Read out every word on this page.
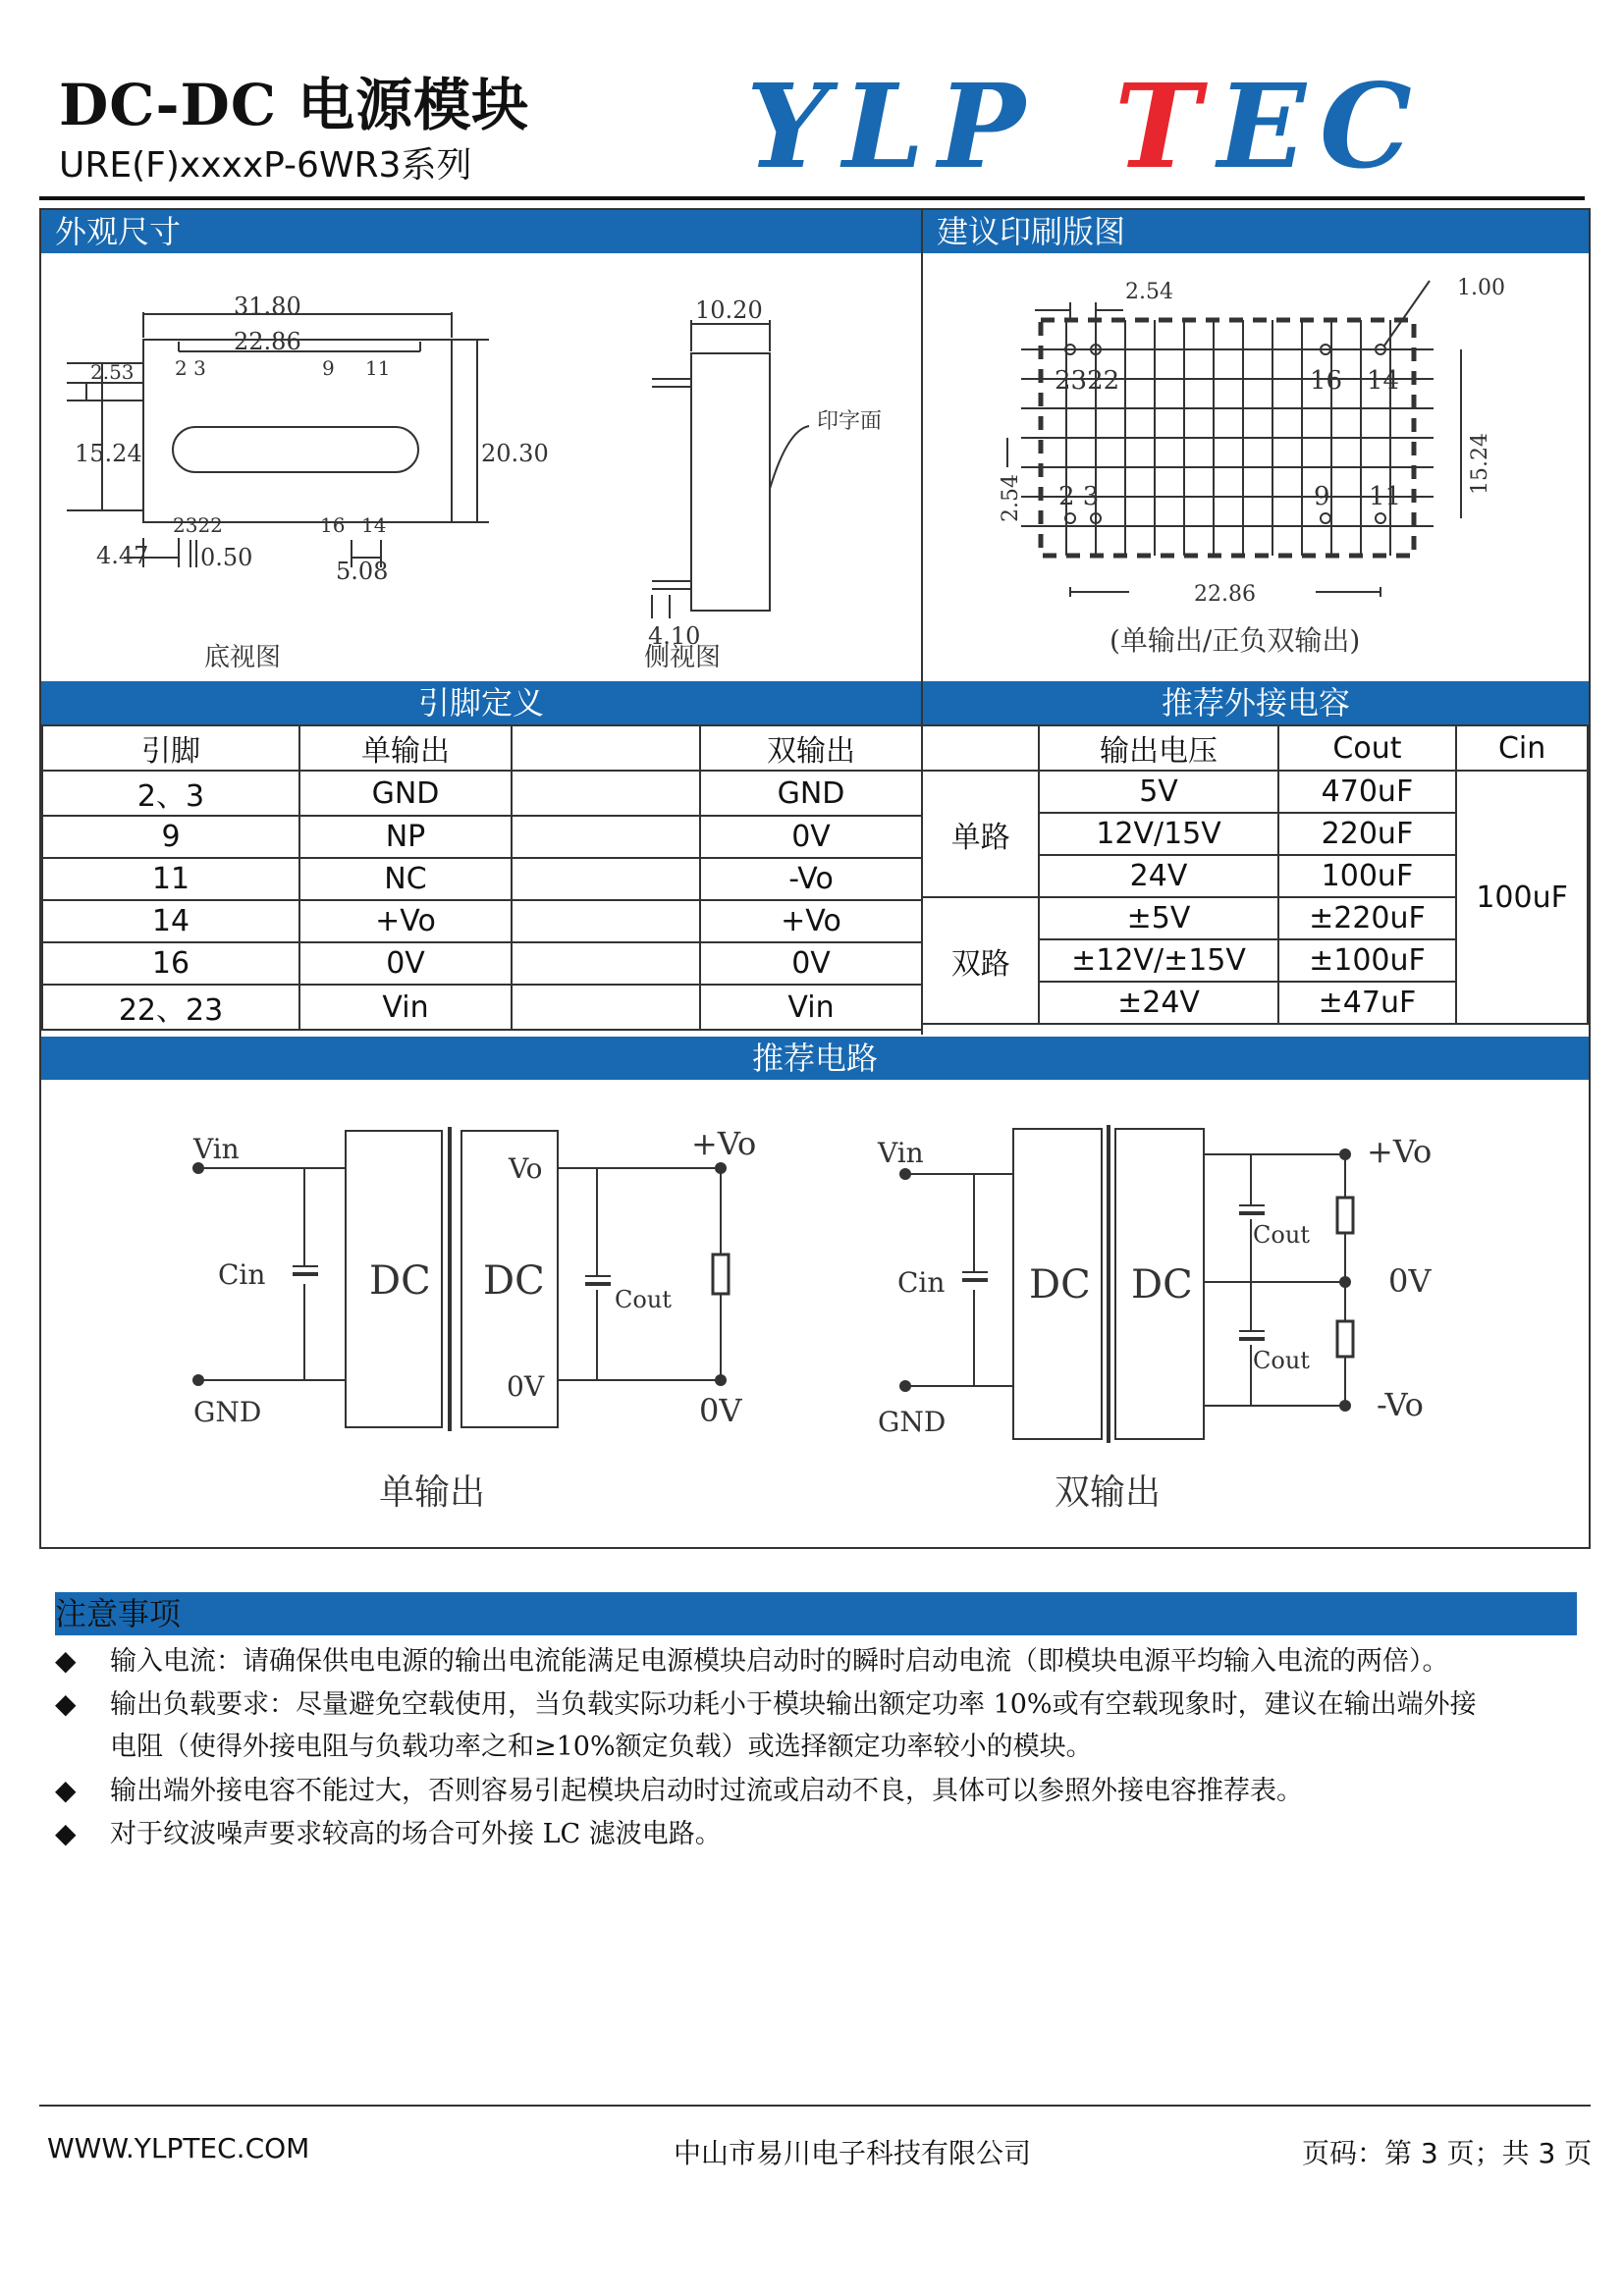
DC-DC 电源模块
URE(F)xxxxP-6WR3系列 YLP T EC
外观尺寸	建议印刷版图
31.80
22.86
2.53
15.24	20.30
4.47 0.50	5.08
10.20
4.10
印字面
2 3	9 11
2322	16 14
底视图	侧视图
2.54	1.00
2.54
15.24
22.86
2322	16 14
2 3	9 11
(单输出/正负双输出)
引脚定义	推荐外接电容
引脚	单输出		双输出
2、3	GND		GND
9	NP		0V
11	NC		-Vo
14	+Vo		+Vo
16	0V		0V
22、23	Vin		Vin
	输出电压	Cout	Cin
单路	5V	470uF	100uF
	12V/15V	220uF	
	24V	100uF	
双路	±5V	±220uF	
	±12V/±15V	±100uF	
	±24V	±47uF	
推荐电路
Vin
Cin
GND
DC DC
Vo
0V
+Vo
0V
Cout
单输出
Vin
Cin
GND
DC DC
+Vo
0V
-Vo
Cout
Cout
双输出
注意事项
◆ 输入电流：请确保供电电源的输出电流能满足电源模块启动时的瞬时启动电流（即模块电源平均输入电流的两倍）。
◆ 输出负载要求：尽量避免空载使用，当负载实际功耗小于模块输出额定功率 10%或有空载现象时，建议在输出端外接
电阻（使得外接电阻与负载功率之和≥10%额定负载）或选择额定功率较小的模块。
◆ 输出端外接电容不能过大，否则容易引起模块启动时过流或启动不良，具体可以参照外接电容推荐表。
◆ 对于纹波噪声要求较高的场合可外接 LC 滤波电路。
WWW.YLPTEC.COM	中山市易川电子科技有限公司	页码：第 3 页；共 3 页
